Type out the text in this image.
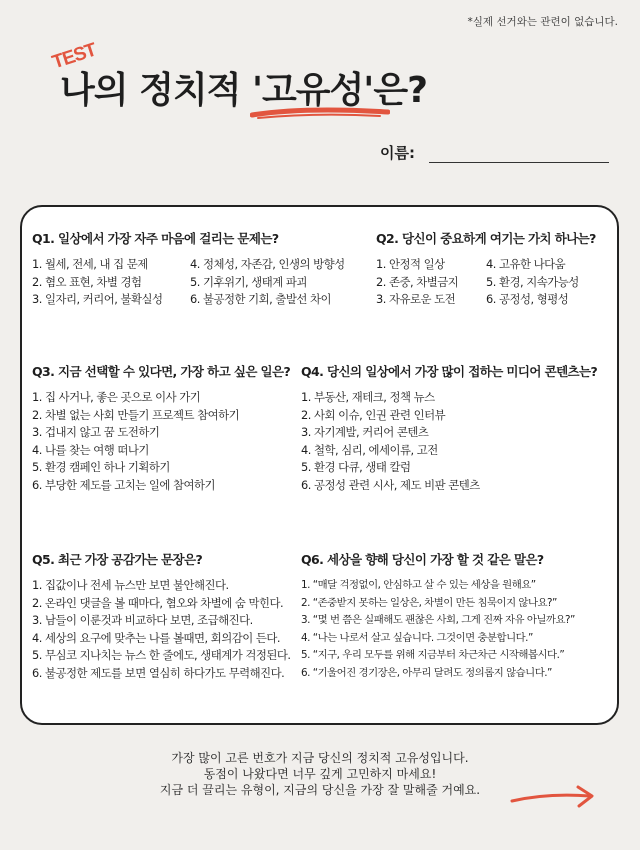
*실제 선거와는 관련이 없습니다.
TEST
나의 정치적 '고유성'은?
이름:
Q1. 일상에서 가장 자주 마음에 걸리는 문제는?
1. 월세, 전세, 내 집 문제
2. 혐오 표현, 차별 경험
3. 일자리, 커리어, 불확실성
4. 정체성, 자존감, 인생의 방향성
5. 기후위기, 생태계 파괴
6. 불공정한 기회, 출발선 차이
Q2. 당신이 중요하게 여기는 가치 하나는?
1. 안정적 일상
2. 존중, 차별금지
3. 자유로운 도전
4. 고유한 나다움
5. 환경, 지속가능성
6. 공정성, 형평성
Q3. 지금 선택할 수 있다면, 가장 하고 싶은 일은?
1. 집 사거나, 좋은 곳으로 이사 가기
2. 차별 없는 사회 만들기 프로젝트 참여하기
3. 겁내지 않고 꿈 도전하기
4. 나를 찾는 여행 떠나기
5. 환경 캠페인 하나 기획하기
6. 부당한 제도를 고치는 일에 참여하기
Q4. 당신의 일상에서 가장 많이 접하는 미디어 콘텐츠는?
1. 부동산, 재테크, 정책 뉴스
2. 사회 이슈, 인권 관련 인터뷰
3. 자기계발, 커리어 콘텐츠
4. 철학, 심리, 에세이류, 고전
5. 환경 다큐, 생태 칼럼
6. 공정성 관련 시사, 제도 비판 콘텐츠
Q5. 최근 가장 공감가는 문장은?
1. 집값이나 전세 뉴스만 보면 불안해진다.
2. 온라인 댓글을 볼 때마다, 혐오와 차별에 숨 막힌다.
3. 남들이 이룬것과 비교하다 보면, 조급해진다.
4. 세상의 요구에 맞추는 나를 볼때면, 회의감이 든다.
5. 무심코 지나치는 뉴스 한 줄에도, 생태계가 걱정된다.
6. 불공정한 제도를 보면 열심히 하다가도 무력해진다.
Q6. 세상을 향해 당신이 가장 할 것 같은 말은?
1. “매달 걱정없이, 안심하고 살 수 있는 세상을 원해요”
2. “존중받지 못하는 일상은, 차별이 만든 침묵이지 않나요?”
3. “몇 번 쯤은 실패해도 괜찮은 사회, 그게 진짜 자유 아닐까요?”
4. “나는 나로서 살고 싶습니다. 그것이면 충분합니다.”
5. “지구, 우리 모두를 위해 지금부터 차근차근 시작해봅시다.”
6. “기울어진 경기장은, 아무리 달려도 정의롭지 않습니다.”
가장 많이 고른 번호가 지금 당신의 정치적 고유성입니다.
동점이 나왔다면 너무 깊게 고민하지 마세요!
지금 더 끌리는 유형이, 지금의 당신을 가장 잘 말해줄 거예요.
